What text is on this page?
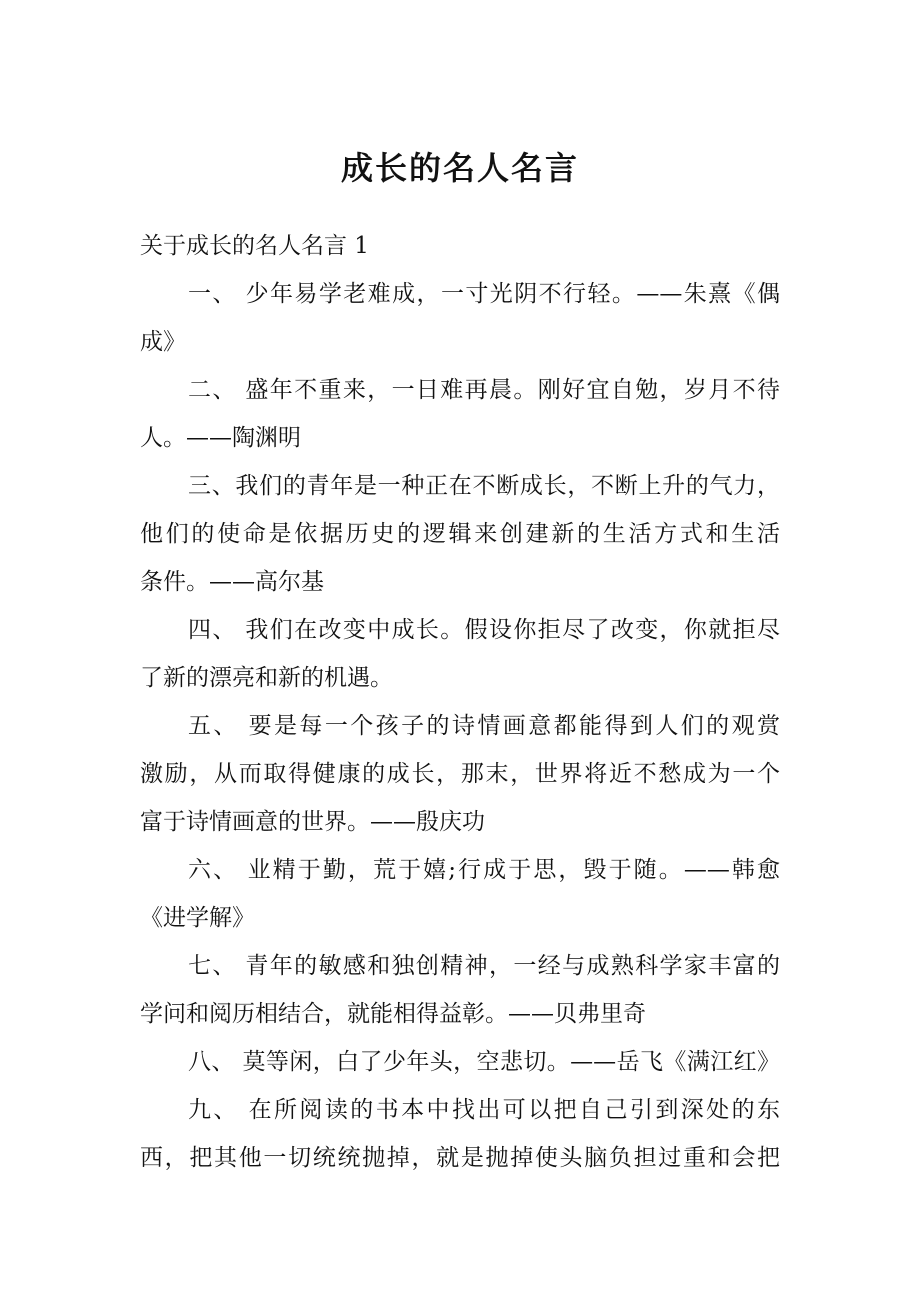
成长的名人名言
关于成长的名人名言 1
一、 少年易学老难成，一寸光阴不行轻。——朱熹《偶
成》
二、 盛年不重来，一日难再晨。刚好宜自勉，岁月不待
人。——陶渊明
三、我们的青年是一种正在不断成长，不断上升的气力，
他们的使命是依据历史的逻辑来创建新的生活方式和生活
条件。——高尔基
四、 我们在改变中成长。假设你拒尽了改变，你就拒尽
了新的漂亮和新的机遇。
五、 要是每一个孩子的诗情画意都能得到人们的观赏
激励，从而取得健康的成长，那末，世界将近不愁成为一个
富于诗情画意的世界。——殷庆功
六、 业精于勤，荒于嬉;行成于思，毁于随。——韩愈
《进学解》
七、 青年的敏感和独创精神，一经与成熟科学家丰富的
学问和阅历相结合，就能相得益彰。——贝弗里奇
八、 莫等闲，白了少年头，空悲切。——岳飞《满江红》
九、 在所阅读的书本中找出可以把自己引到深处的东
西，把其他一切统统抛掉，就是抛掉使头脑负担过重和会把
